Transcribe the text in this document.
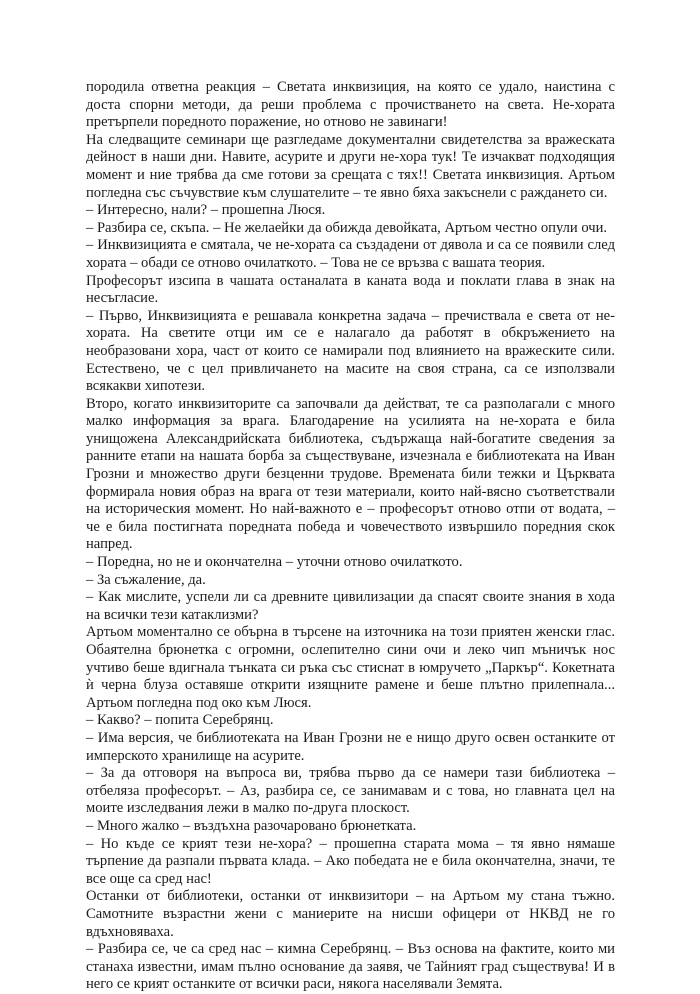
породила ответна реакция – Светата инквизиция, на която се удало, наистина с доста спорни методи, да реши проблема с прочистването на света. Не-хората претърпели поредното поражение, но отново не завинаги!

На следващите семинари ще разгледаме документални свидетелства за вражеската дейност в наши дни. Навите, асурите и други не-хора тук! Те изчакват подходящия момент и ние трябва да сме готови за срещата с тях!! Светата инквизиция. Артьом погледна със съчувствие към слушателите – те явно бяха закъснели с раждането си.

– Интересно, нали? – прошепна Люся.

– Разбира се, скъпа. – Не желаейки да обижда девойката, Артьом честно опули очи.

– Инквизицията е смятала, че не-хората са създадени от дявола и са се появили след хората – обади се отново очилаткото. – Това не се връзва с вашата теория.

Професорът изсипа в чашата останалата в каната вода и поклати глава в знак на несъгласие.

– Първо, Инквизицията е решавала конкретна задача – пречиствала е света от не-хората. На светите отци им се е налагало да работят в обкръжението на необразовани хора, част от които се намирали под влиянието на вражеските сили. Естествено, че с цел привличането на масите на своя страна, са се използвали всякакви хипотези.

Второ, когато инквизиторите са започвали да действат, те са разполагали с много малко информация за врага. Благодарение на усилията на не-хората е била унищожена Александрийската библиотека, съдържаща най-богатите сведения за ранните етапи на нашата борба за съществуване, изчезнала е библиотеката на Иван Грозни и множество други безценни трудове. Времената били тежки и Църквата формирала новия образ на врага от тези материали, които най-вясно съответствали на историческия момент. Но най-важното е – професорът отново отпи от водата, – че е била постигната поредната победа и човечеството извършило поредния скок напред.

– Поредна, но не и окончателна – уточни отново очилаткото.

– За съжаление, да.

– Как мислите, успели ли са древните цивилизации да спасят своите знания в хода на всички тези катаклизми?

Артьом моментално се обърна в търсене на източника на този приятен женски глас. Обаятелна брюнетка с огромни, ослепително сини очи и леко чип мъничък нос учтиво беше вдигнала тънката си ръка със стиснат в юмручето „Паркър“. Кокетната ѝ черна блуза оставяше открити изящните рамене и беше плътно прилепнала... Артьом погледна под око към Люся.

– Какво? – попита Серебрянц.

– Има версия, че библиотеката на Иван Грозни не е нищо друго освен останките от имперското хранилище на асурите.

– За да отговоря на въпроса ви, трябва първо да се намери тази библиотека – отбеляза професорът. – Аз, разбира се, се занимавам и с това, но главната цел на моите изследвания лежи в малко по-друга плоскост.

– Много жалко – въздъхна разочаровано брюнетката.

– Но къде се крият тези не-хора? – прошепна старата мома – тя явно нямаше търпение да разпали първата клада. – Ако победата не е била окончателна, значи, те все още са сред нас!

Останки от библиотеки, останки от инквизитори – на Артьом му стана тъжно. Самотните възрастни жени с маниерите на нисши офицери от НКВД не го вдъхновяваха.

– Разбира се, че са сред нас – кимна Серебрянц. – Въз основа на фактите, които ми станаха известни, имам пълно основание да заявя, че Тайният град съществува! И в него се крият останките от всички раси, някога населявали Земята.
